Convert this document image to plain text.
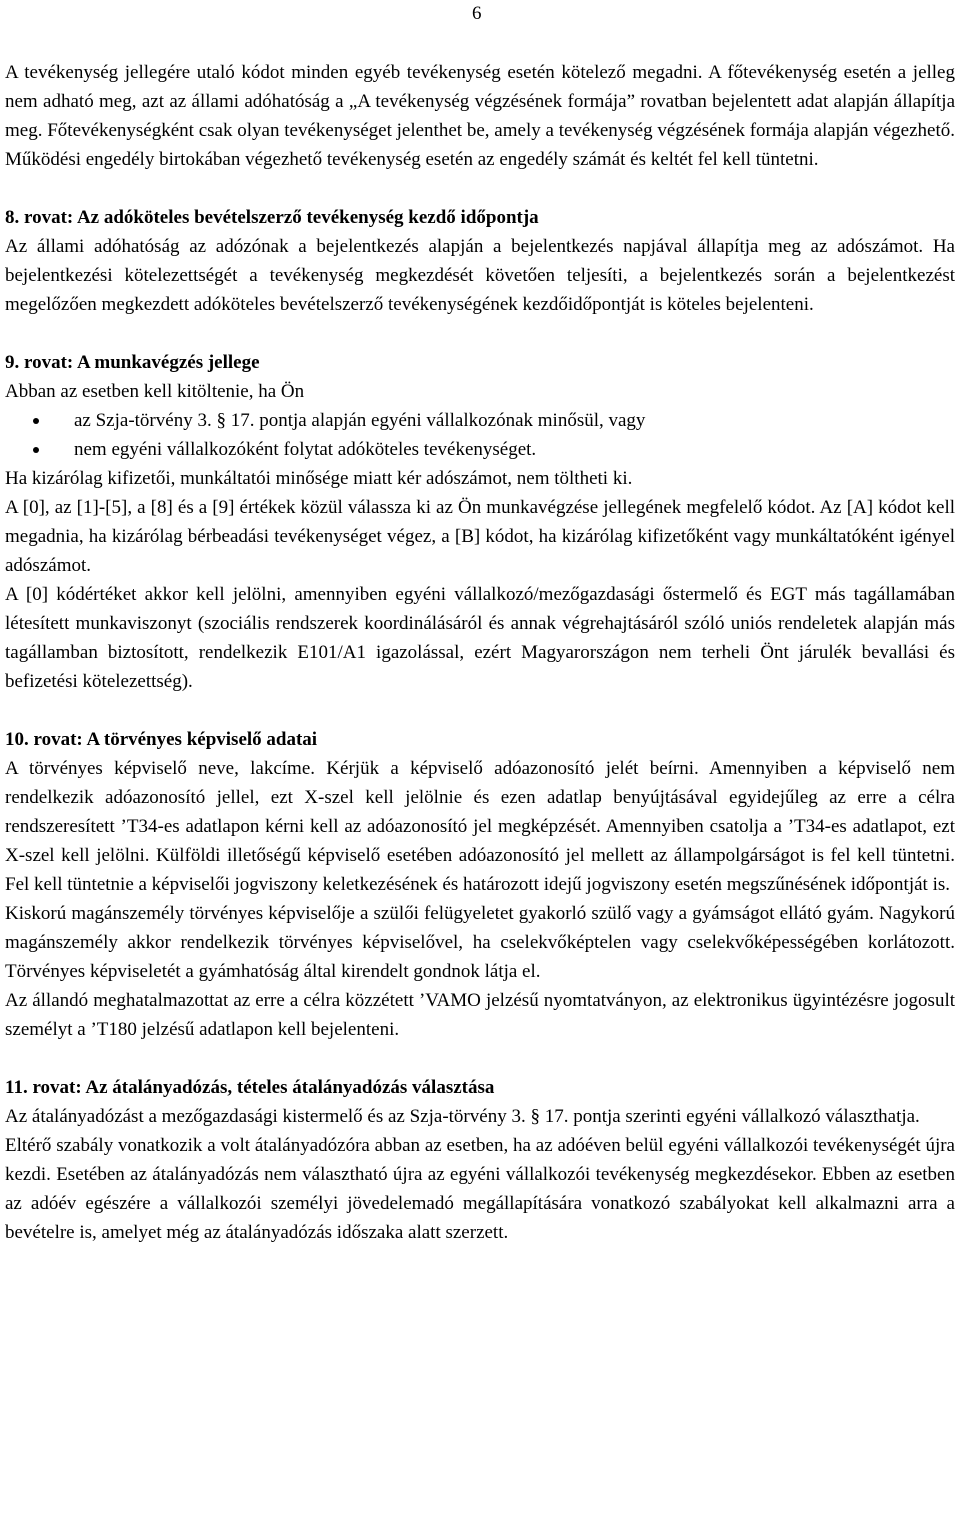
6

A tevékenység jellegére utaló kódot minden egyéb tevékenység esetén kötelező megadni. A főtevékenység esetén a jelleg nem adható meg, azt az állami adóhatóság a „A tevékenység végzésének formája” rovatban bejelentett adat alapján állapítja meg. Főtevékenységként csak olyan tevékenységet jelenthet be, amely a tevékenység végzésének formája alapján végezhető. Működési engedély birtokában végezhető tevékenység esetén az engedély számát és keltét fel kell tüntetni.

8. rovat: Az adóköteles bevételszerző tevékenység kezdő időpontja

Az állami adóhatóság az adózónak a bejelentkezés alapján a bejelentkezés napjával állapítja meg az adószámot. Ha bejelentkezési kötelezettségét a tevékenység megkezdését követően teljesíti, a bejelentkezés során a bejelentkezést megelőzően megkezdett adóköteles bevételszerző tevékenységének kezdőidőpontját is köteles bejelenteni.

9. rovat: A munkavégzés jellege

Abban az esetben kell kitöltenie, ha Ön

az Szja-törvény 3. § 17. pontja alapján egyéni vállalkozónak minősül, vagy
nem egyéni vállalkozóként folytat adóköteles tevékenységet.

Ha kizárólag kifizetői, munkáltatói minősége miatt kér adószámot, nem töltheti ki.

A [0], az [1]-[5], a [8] és a [9] értékek közül válassza ki az Ön munkavégzése jellegének megfelelő kódot. Az [A] kódot kell megadnia, ha kizárólag bérbeadási tevékenységet végez, a [B] kódot, ha kizárólag kifizetőként vagy munkáltatóként igényel adószámot.

A [0] kódértéket akkor kell jelölni, amennyiben egyéni vállalkozó/mezőgazdasági őstermelő és EGT más tagállamában létesített munkaviszonyt (szociális rendszerek koordinálásáról és annak végrehajtásáról szóló uniós rendeletek alapján más tagállamban biztosított, rendelkezik E101/A1 igazolással, ezért Magyarországon nem terheli Önt járulék bevallási és befizetési kötelezettség).

10. rovat: A törvényes képviselő adatai

A törvényes képviselő neve, lakcíme. Kérjük a képviselő adóazonosító jelét beírni. Amennyiben a képviselő nem rendelkezik adóazonosító jellel, ezt X-szel kell jelölnie és ezen adatlap benyújtásával egyidejűleg az erre a célra rendszeresített ’T34-es adatlapon kérni kell az adóazonosító jel megképzését. Amennyiben csatolja a ’T34-es adatlapot, ezt X-szel kell jelölni. Külföldi illetőségű képviselő esetében adóazonosító jel mellett az állampolgárságot is fel kell tüntetni. Fel kell tüntetnie a képviselői jogviszony keletkezésének és határozott idejű jogviszony esetén megszűnésének időpontját is.

Kiskorú magánszemély törvényes képviselője a szülői felügyeletet gyakorló szülő vagy a gyámságot ellátó gyám. Nagykorú magánszemély akkor rendelkezik törvényes képviselővel, ha cselekvőképtelen vagy cselekvőképességében korlátozott. Törvényes képviseletét a gyámhatóság által kirendelt gondnok látja el.

Az állandó meghatalmazottat az erre a célra közzétett ’VAMO jelzésű nyomtatványon, az elektronikus ügyintézésre jogosult személyt a ’T180 jelzésű adatlapon kell bejelenteni.

11. rovat: Az átalányadózás, tételes átalányadózás választása

Az átalányadózást a mezőgazdasági kistermelő és az Szja-törvény 3. § 17. pontja szerinti egyéni vállalkozó választhatja.

Eltérő szabály vonatkozik a volt átalányadózóra abban az esetben, ha az adóéven belül egyéni vállalkozói tevékenységét újra kezdi. Esetében az átalányadózás nem választható újra az egyéni vállalkozói tevékenység megkezdésekor. Ebben az esetben az adóév egészére a vállalkozói személyi jövedelemadó megállapítására vonatkozó szabályokat kell alkalmazni arra a bevételre is, amelyet még az átalányadózás időszaka alatt szerzett.
